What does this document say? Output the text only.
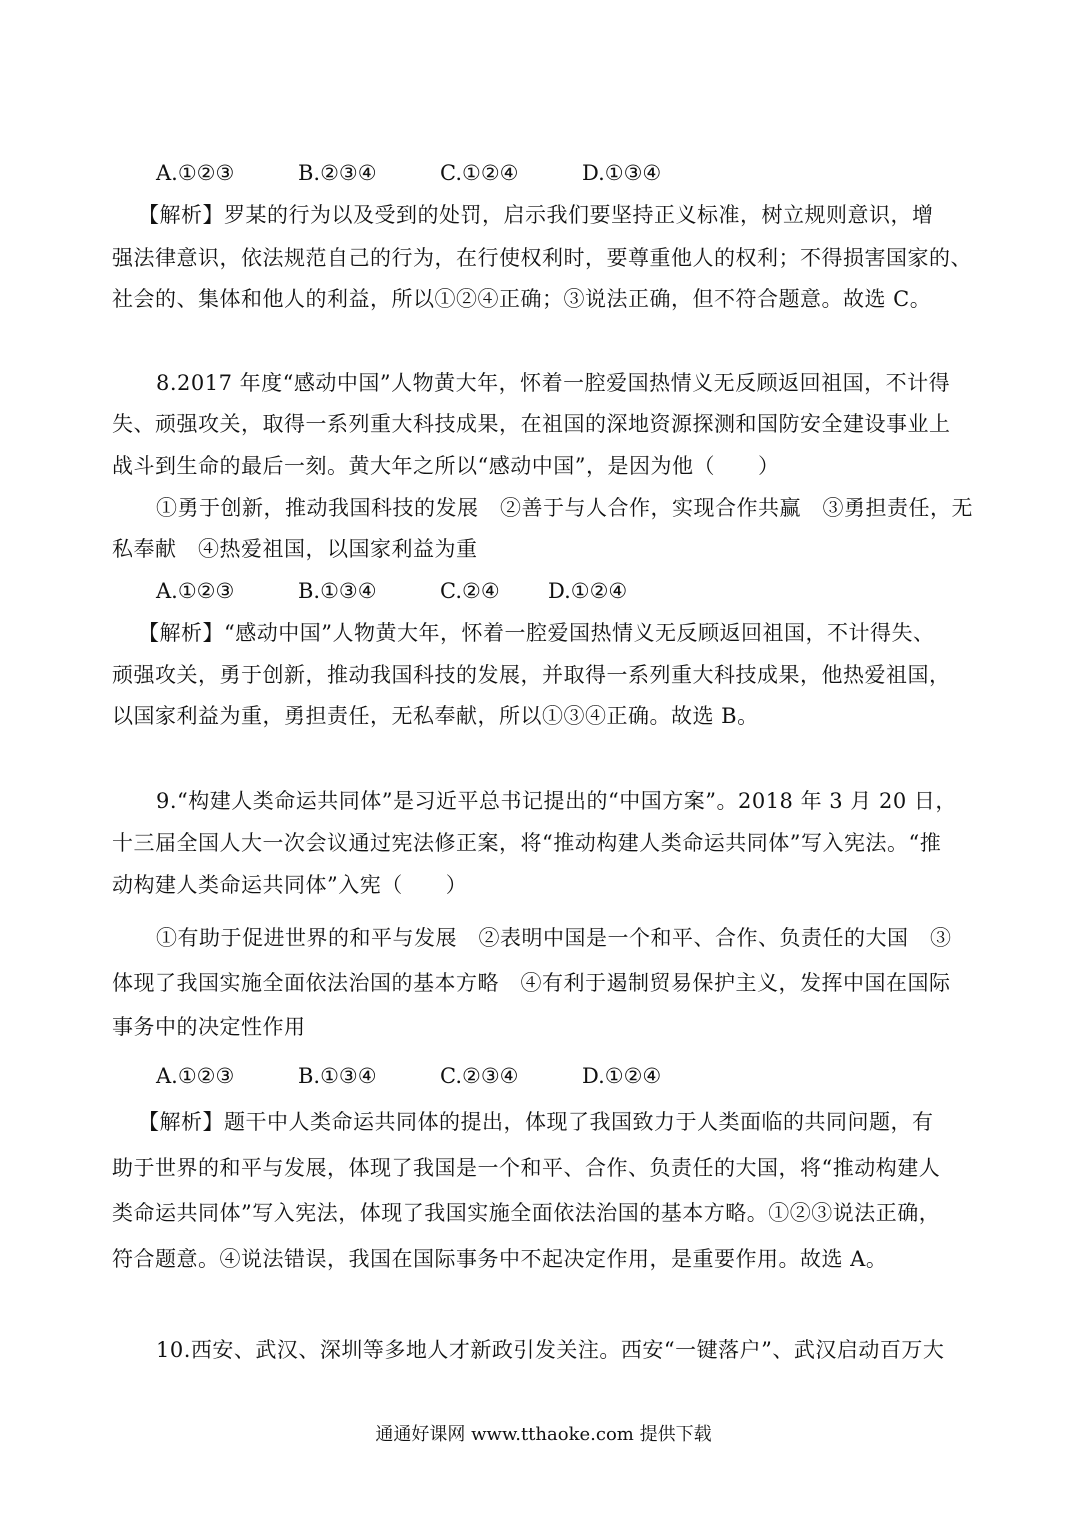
A.①②③	B.②③④	C.①②④	D.①③④
【解析】罗某的行为以及受到的处罚，启示我们要坚持正义标准，树立规则意识，增
强法律意识，依法规范自己的行为，在行使权利时，要尊重他人的权利；不得损害国家的、
社会的、集体和他人的利益，所以①②④正确；③说法正确，但不符合题意。故选 C。
8.2017 年度“感动中国”人物黄大年，怀着一腔爱国热情义无反顾返回祖国，不计得
失、顽强攻关，取得一系列重大科技成果，在祖国的深地资源探测和国防安全建设事业上
战斗到生命的最后一刻。黄大年之所以“感动中国”，是因为他（　　）
①勇于创新，推动我国科技的发展　②善于与人合作，实现合作共赢　③勇担责任，无
私奉献　④热爱祖国，以国家利益为重
A.①②③	B.①③④	C.②④ D.①②④
【解析】“感动中国”人物黄大年，怀着一腔爱国热情义无反顾返回祖国，不计得失、
顽强攻关，勇于创新，推动我国科技的发展，并取得一系列重大科技成果，他热爱祖国，
以国家利益为重，勇担责任，无私奉献，所以①③④正确。故选 B。
9.“构建人类命运共同体”是习近平总书记提出的“中国方案”。2018 年 3 月 20 日，
十三届全国人大一次会议通过宪法修正案，将“推动构建人类命运共同体”写入宪法。“推
动构建人类命运共同体”入宪（　　）
①有助于促进世界的和平与发展　②表明中国是一个和平、合作、负责任的大国　③
体现了我国实施全面依法治国的基本方略　④有利于遏制贸易保护主义，发挥中国在国际
事务中的决定性作用
A.①②③	B.①③④	C.②③④	D.①②④
【解析】题干中人类命运共同体的提出，体现了我国致力于人类面临的共同问题，有
助于世界的和平与发展，体现了我国是一个和平、合作、负责任的大国，将“推动构建人
类命运共同体”写入宪法，体现了我国实施全面依法治国的基本方略。①②③说法正确，
符合题意。④说法错误，我国在国际事务中不起决定作用，是重要作用。故选 A。
10.西安、武汉、深圳等多地人才新政引发关注。西安“一键落户”、武汉启动百万大
通通好课网 www.tthaoke.com 提供下载
